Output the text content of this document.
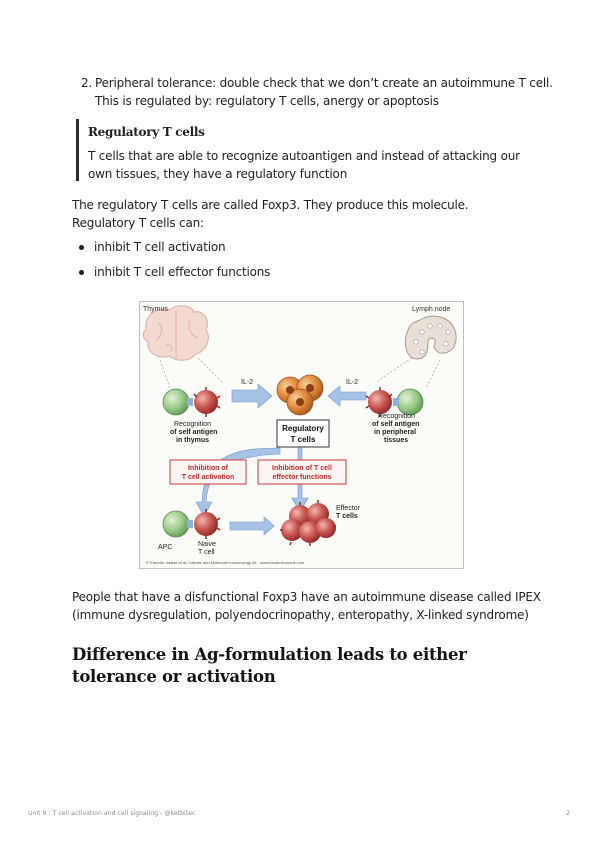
2. Peripheral tolerance: double check that we don’t create an autoimmune T cell.
This is regulated by: regulatory T cells, anergy or apoptosis
Regulatory T cells
T cells that are able to recognize autoantigen and instead of attacking our own tissues, they have a regulatory function
The regulatory T cells are called Foxp3. They produce this molecule. Regulatory T cells can:
inhibit T cell activation
inhibit T cell effector functions
Thymus	Lymph node
Recognition
of self antigen
in thymus
IL-2	IL-2
Recognition
of self antigen
in peripheral
tissues
Regulatory
T cells
Inhibition of
T cell activation
Inhibition of T cell
effector functions
APC	Naive
T cell
Effector
T cells
© Elsevier. Abbas et al: Cellular and Molecular Immunology 5e - www.studentconsult.com
People that have a disfunctional Foxp3 have an autoimmune disease called IPEX (immune dysregulation, polyendocrinopathy, enteropathy, X-linked syndrome)
Difference in Ag-formulation leads to either tolerance or activation
Unit 9 : T cell activation and cell signaling - @ketbitec	2
